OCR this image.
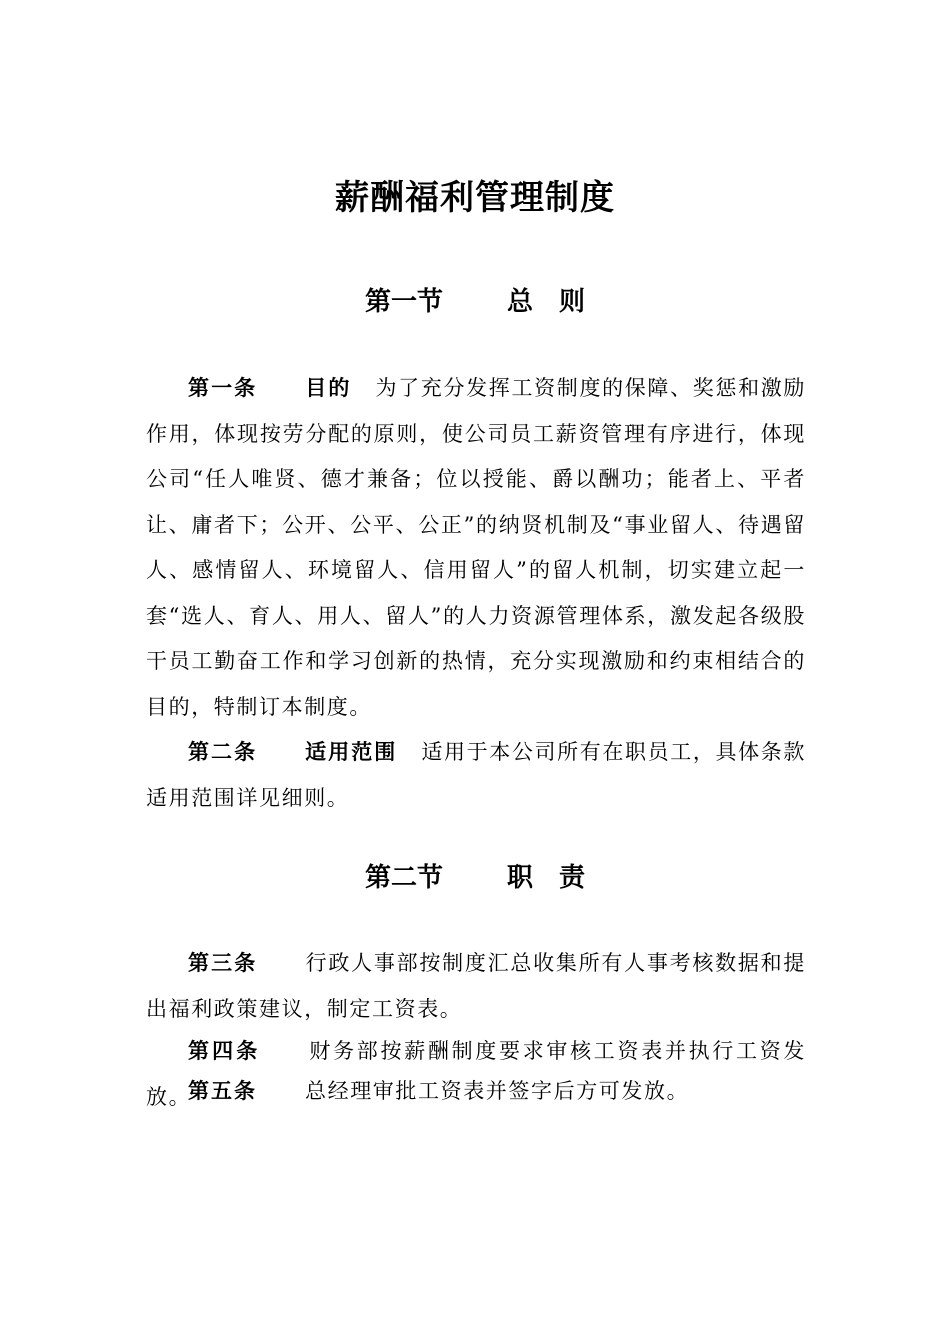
薪酬福利管理制度
第一节 总则
第一条 目的 为了充分发挥工资制度的保障、奖惩和激励作用，体现按劳分配的原则，使公司员工薪资管理有序进行，体现公司“任人唯贤、德才兼备；位以授能、爵以酬功；能者上、平者让、庸者下；公开、公平、公正”的纳贤机制及“事业留人、待遇留人、感情留人、环境留人、信用留人”的留人机制，切实建立起一套“选人、育人、用人、留人”的人力资源管理体系，激发起各级股干员工勤奋工作和学习创新的热情，充分实现激励和约束相结合的目的，特制订本制度。
第二条 适用范围 适用于本公司所有在职员工，具体条款适用范围详见细则。
第二节 职责
第三条 行政人事部按制度汇总收集所有人事考核数据和提出福利政策建议，制定工资表。
第四条 财务部按薪酬制度要求审核工资表并执行工资发放。
第五条 总经理审批工资表并签字后方可发放。
